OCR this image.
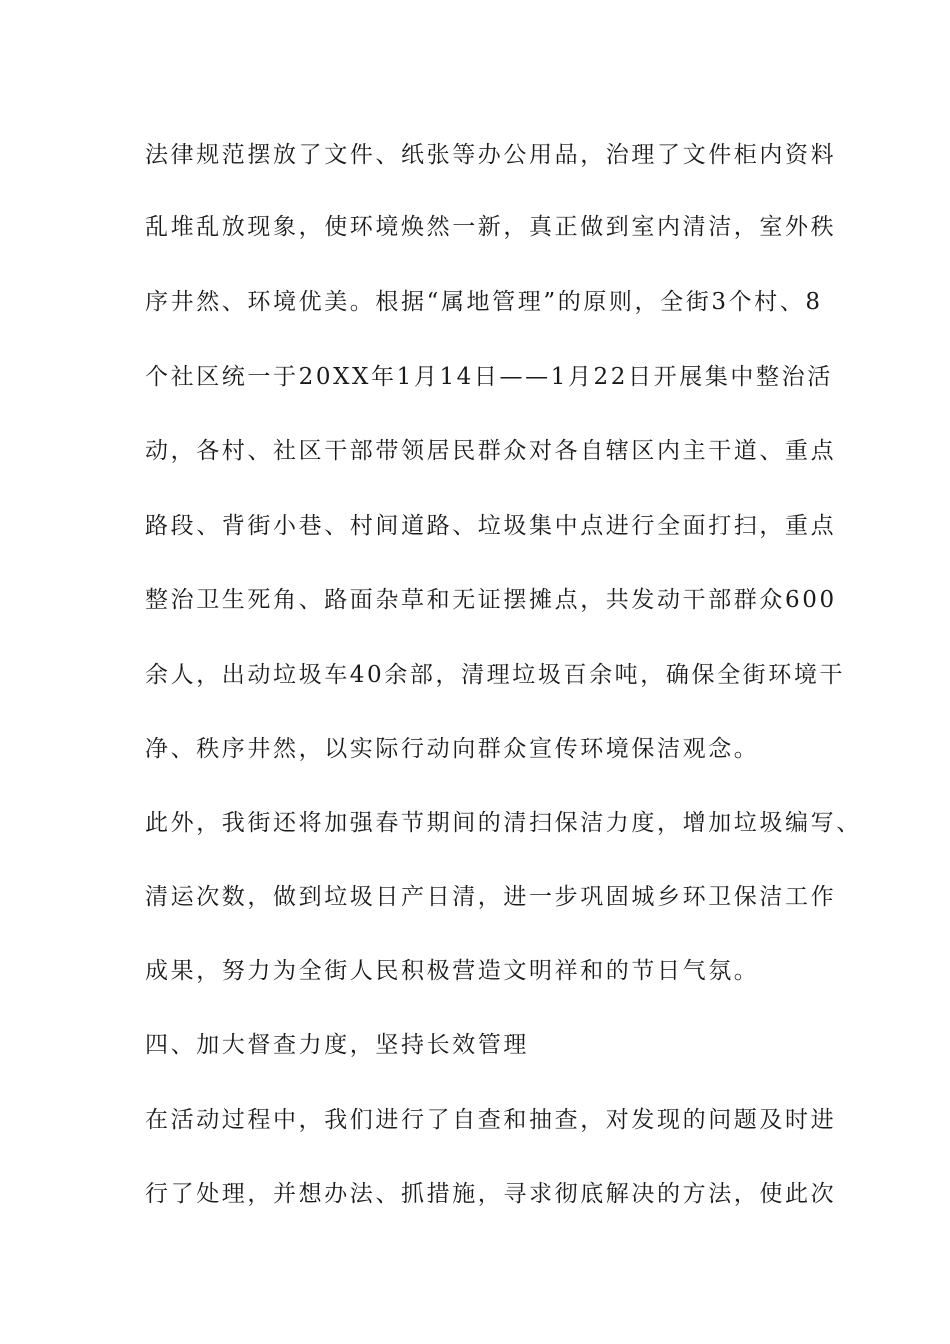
法律规范摆放了文件、纸张等办公用品，治理了文件柜内资料
乱堆乱放现象，使环境焕然一新，真正做到室内清洁，室外秩
序井然、环境优美。根据“属地管理”的原则，全街3个村、8
个社区统一于20XX年1月14日——1月22日开展集中整治活
动，各村、社区干部带领居民群众对各自辖区内主干道、重点
路段、背街小巷、村间道路、垃圾集中点进行全面打扫，重点
整治卫生死角、路面杂草和无证摆摊点，共发动干部群众600
余人，出动垃圾车40余部，清理垃圾百余吨，确保全街环境干
净、秩序井然，以实际行动向群众宣传环境保洁观念。
此外，我街还将加强春节期间的清扫保洁力度，增加垃圾编写、
清运次数，做到垃圾日产日清，进一步巩固城乡环卫保洁工作
成果，努力为全街人民积极营造文明祥和的节日气氛。
四、加大督查力度，坚持长效管理
在活动过程中，我们进行了自查和抽查，对发现的问题及时进
行了处理，并想办法、抓措施，寻求彻底解决的方法，使此次
